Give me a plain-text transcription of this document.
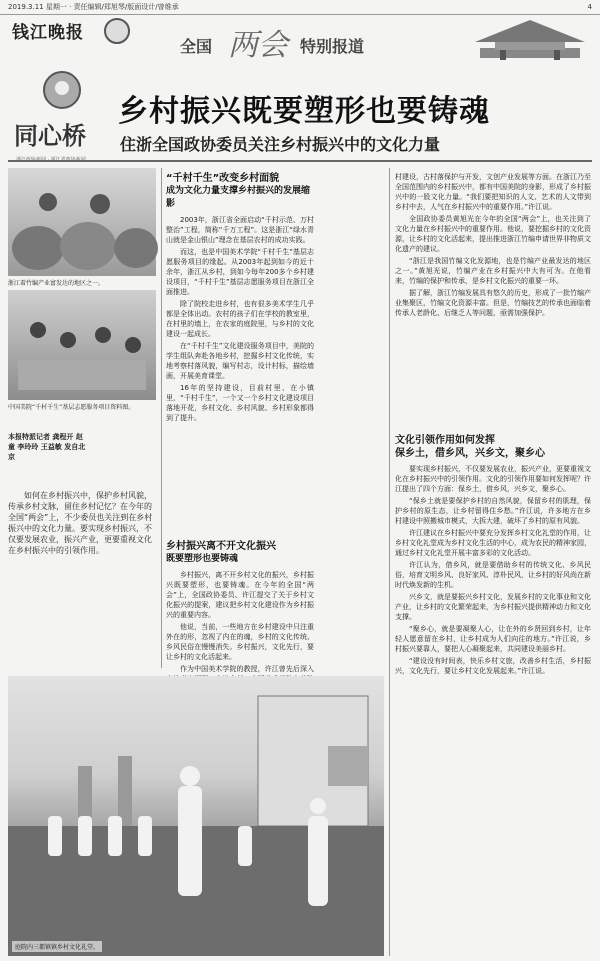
2019.3.11 星期一 · 责任编辑/郑旭琴/版面设计/曾维承	4
钱江晚报
全国 两会 特别报道
同心桥
乡村振兴既要塑形也要铸魂
住浙全国政协委员关注乡村振兴中的文化力量
浙江着竹编产业富发达的地区之一。
中国美院“千村千生”基层志愿服务项目资料图。
本报特派记者 龚程开 赵童 李玲玲 王益敏 发自北京
如何在乡村振兴中，保护乡村风貌，传承乡村文脉，留住乡村记忆？在今年的全国“两会”上，不少委员也关注到在乡村振兴中的文化力量。要实现乡村振兴，不仅要发展农业，振兴产业，更要重视文化在乡村振兴中的引领作用。
“千村千生”改变乡村面貌
成为文化力量支撑乡村振兴的发展缩影

2003年，浙江省全面启动“千村示范、万村整治”工程，简称“千万工程”。这是浙江“绿水青山就是金山银山”理念在基层农村的成功实践。

而这，也是中国美术学院“千村千生”基层志愿服务项目的缘起。从2003年起到如今的近十余年，浙江从乡村，到如今每年200多个乡村建设项目，“千村千生”基层志愿服务项目在浙江全面推进。

除了院校走进乡村，也有很多美术学生几乎都是全体出动。农村的孩子们在学校的教室里，在村里的墙上，在农家的庭院里，与乡村的文化建设一起成长。

在“千村千生”文化建设服务项目中，美院的学生组队奔赴各地乡村，挖掘乡村文化传统，实地考察村落风貌，编写村志，设计村标，描绘墙画，开展美育课堂。

16年的坚持建设，目前村里、在小镇里，“千村千生”，一个又一个乡村文化建设项目落地开花，乡村文化、乡村风貌、乡村形象都得到了提升。

乡村振兴离不开文化振兴
既要塑形也要铸魂

乡村振兴，离不开乡村文化的振兴，乡村振兴既要塑形，也要铸魂。在今年的全国“两会”上，全国政协委员、许江提交了关于乡村文化振兴的提案，建议把乡村文化建设作为乡村振兴的重要内容。

他说，当前，一些地方在乡村建设中只注重外在的形，忽视了内在的魂，乡村的文化传统、乡风民俗在慢慢消失。乡村振兴，文化先行，要让乡村的文化活起来。

作为中国美术学院的教授，许江曾先后深入

庭院内三都镇镇乡村文化礼堂。

村建设，古村落保护与开发，文创产业发展等方面。在浙江乃至全国范围内的乡村振兴中，都有中国美院的身影，形成了乡村振兴中的一股文化力量。“我们要把知识的人文、艺术的人文带到乡村中去，人气在乡村振兴中的重要作用。”许江说。

全国政协委员黄旭光在今年的全国“两会”上，也关注到了文化力量在乡村振兴中的重要作用。他说，要挖掘乡村的文化资源，让乡村的文化活起来，提出推进浙江竹编申请世界非物质文化遗产的建议。

“浙江是我国竹编文化发源地，也是竹编产业最发达的地区之一。”黄旭光说，竹编产业在乡村振兴中大有可为。在他看来，竹编的保护和传承，是乡村文化振兴的重要一环。

据了解，浙江竹编发展具有悠久的历史，形成了一批竹编产业集聚区，竹编文化资源丰富。但是，竹编技艺的传承也面临着传承人老龄化、后继乏人等问题，亟需加强保护。

文化引领作用如何发挥
保乡土，借乡风，兴乡文，聚乡心

要实现乡村振兴，不仅要发展农业，振兴产业，更要重视文化在乡村振兴中的引领作用。文化的引领作用要如何发挥呢？许江提出了四个方面：保乡土，借乡风，兴乡文，聚乡心。

“保乡土就是要保护乡村的自然风貌，保留乡村的肌理，保护乡村的原生态，让乡村留得住乡愁。”许江说，许多地方在乡村建设中照搬城市模式，大拆大建，破坏了乡村的原有风貌。

许江建议在乡村振兴中要充分发挥乡村文化礼堂的作用，让乡村文化礼堂成为乡村文化生活的中心，成为农民的精神家园，通过乡村文化礼堂开展丰富多彩的文化活动。

许江认为，借乡风，就是要借助乡村的传统文化、乡风民俗，培育文明乡风、良好家风、淳朴民风，让乡村的好风尚在新时代焕发新的生机。

兴乡文，就是要振兴乡村文化，发展乡村的文化事业和文化产业，让乡村的文化繁荣起来，为乡村振兴提供精神动力和文化支撑。

“聚乡心，就是要凝聚人心，让在外的乡贤回到乡村，让年轻人愿意留在乡村，让乡村成为人们向往的地方。”许江说，乡村振兴要靠人，要把人心凝聚起来，共同建设美丽乡村。

“建设没有时间表，快乐乡村文旅，改善乡村生活，乡村振兴，文化先行，要让乡村文化发展起来。”许江说。
